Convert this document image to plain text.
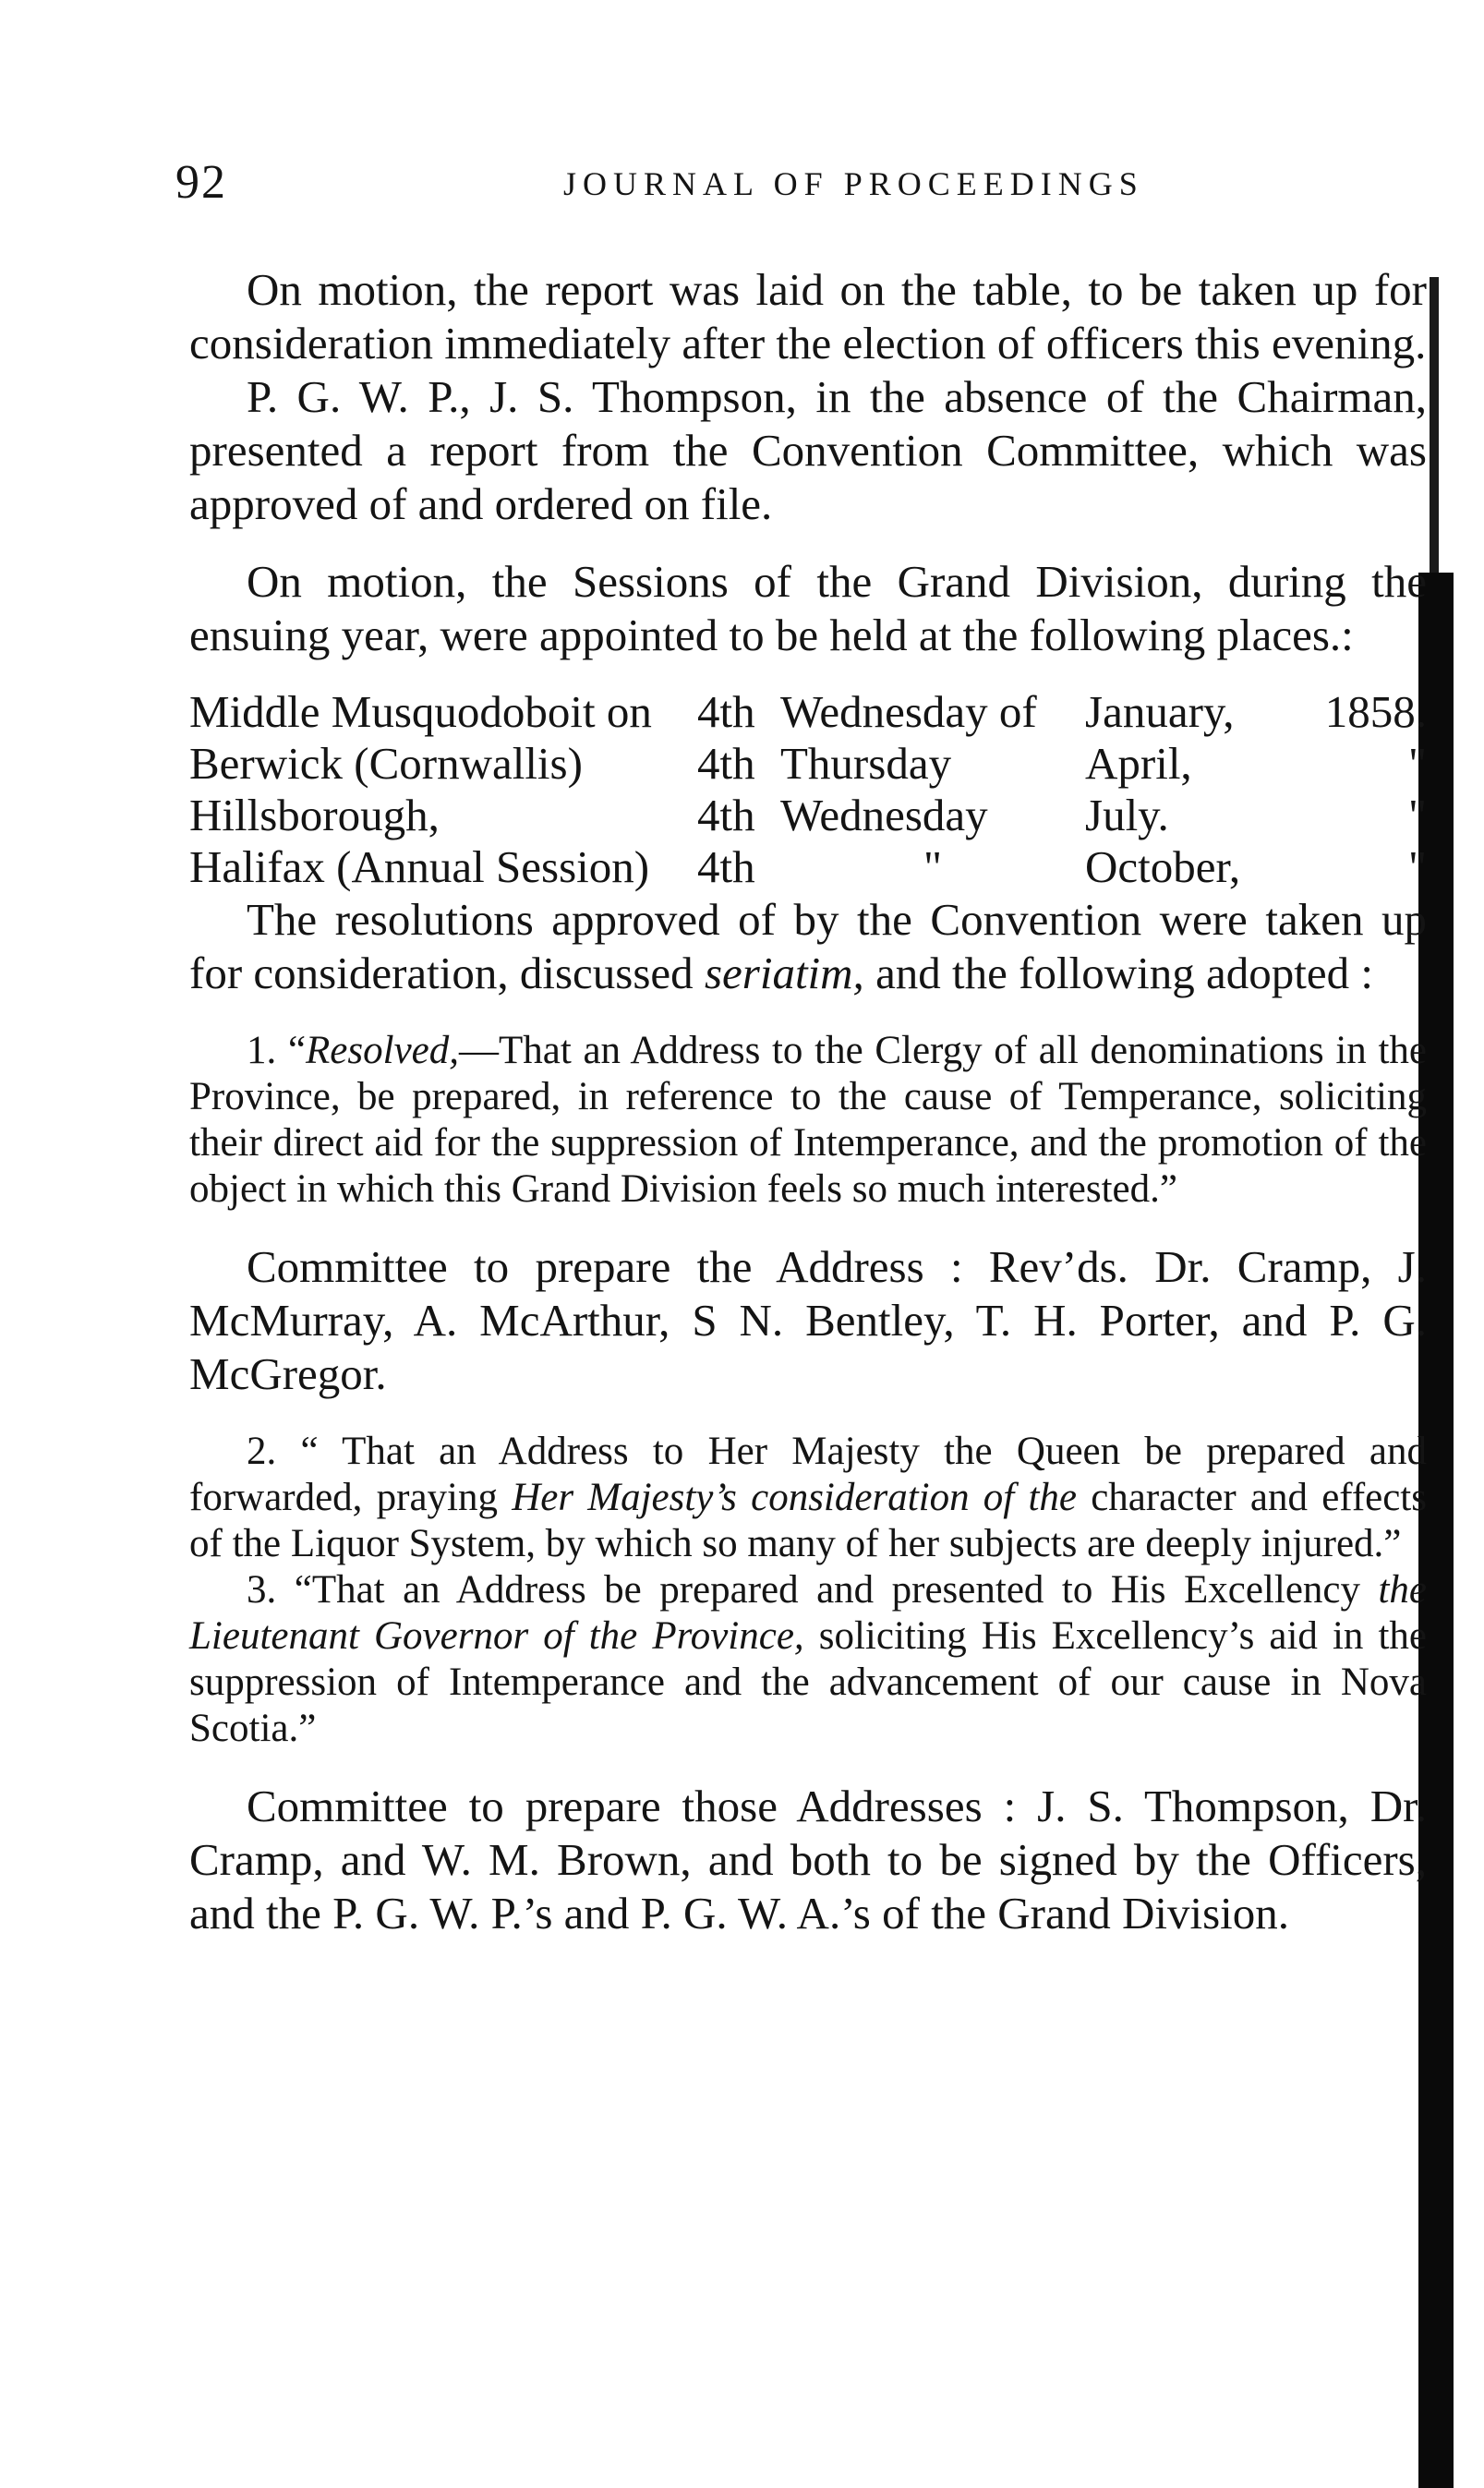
92	JOURNAL OF PROCEEDINGS

On motion, the report was laid on the table, to be taken up for consideration immediately after the election of officers this evening.

P. G. W. P., J. S. Thompson, in the absence of the Chairman, presented a report from the Convention Committee, which was approved of and ordered on file.

On motion, the Sessions of the Grand Division, during the ensuing year, were appointed to be held at the following places.:

Middle Musquodoboit on	4th Wednesday of	January,	1858.
Berwick (Cornwallis)	4th Thursday	April,	"
Hillsborough,	4th Wednesday	July.	"
Halifax (Annual Session)	4th	"	October,	"

The resolutions approved of by the Convention were taken up for consideration, discussed seriatim, and the following adopted :

1. “Resolved,—That an Address to the Clergy of all denominations in the Province, be prepared, in reference to the cause of Temperance, soliciting their direct aid for the suppression of Intemperance, and the promotion of the object in which this Grand Division feels so much interested.”

Committee to prepare the Address : Rev’ds. Dr. Cramp, J. McMurray, A. McArthur, S N. Bentley, T. H. Porter, and P. G. McGregor.

2. “ That an Address to Her Majesty the Queen be prepared and forwarded, praying Her Majesty’s consideration of the character and effects of the Liquor System, by which so many of her subjects are deeply injured.”

3. “That an Address be prepared and presented to His Excellency the Lieutenant Governor of the Province, soliciting His Excellency’s aid in the suppression of Intemperance and the advancement of our cause in Nova Scotia.”

Committee to prepare those Addresses : J. S. Thompson, Dr. Cramp, and W. M. Brown, and both to be signed by the Officers, and the P. G. W. P.’s and P. G. W. A.’s of the Grand Division.
